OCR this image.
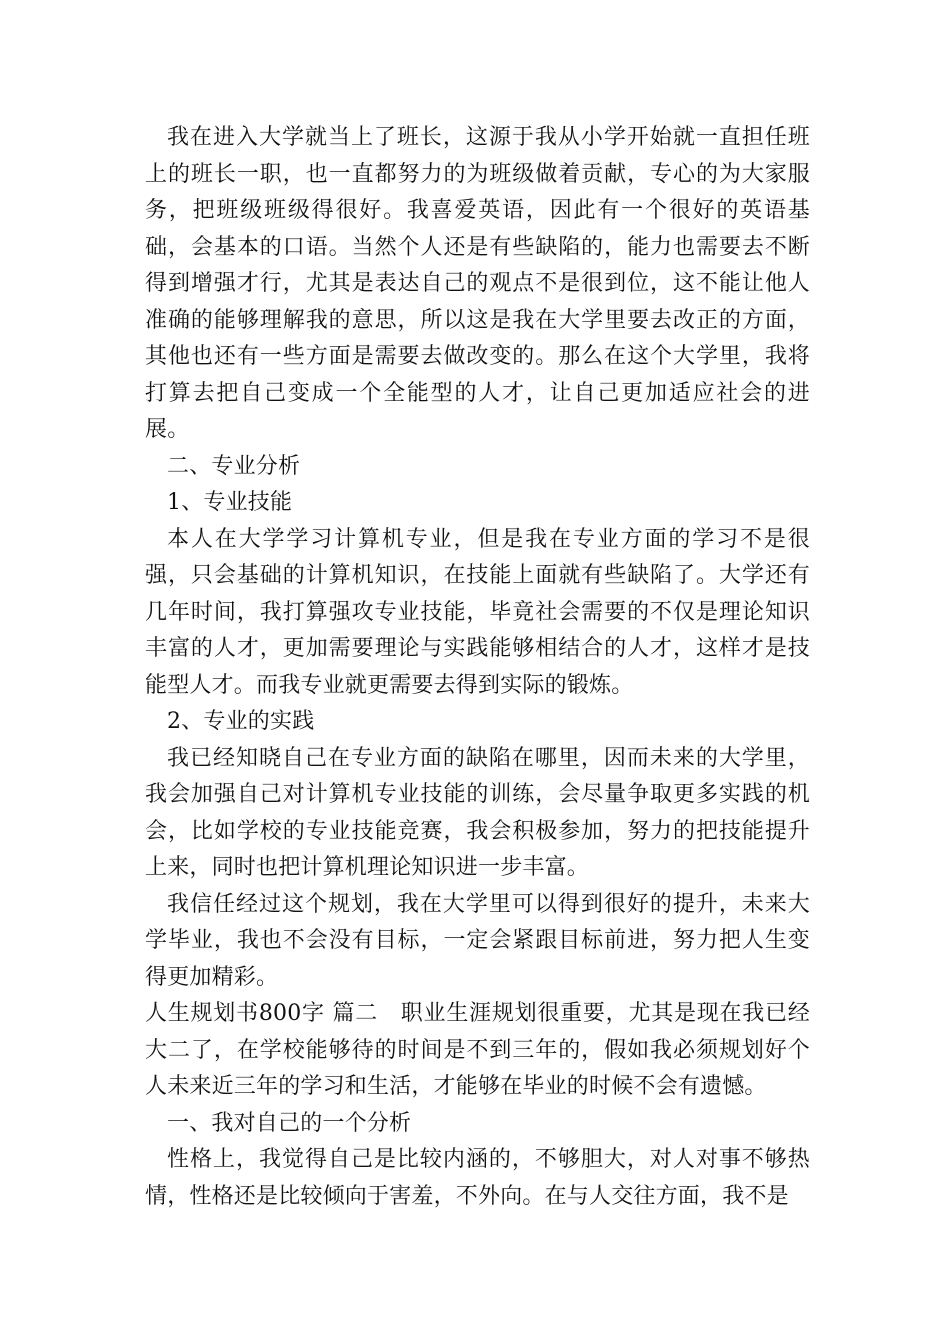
我在进入大学就当上了班长，这源于我从小学开始就一直担任班上的班长一职，也一直都努力的为班级做着贡献，专心的为大家服务，把班级班级得很好。我喜爱英语，因此有一个很好的英语基础，会基本的口语。当然个人还是有些缺陷的，能力也需要去不断得到增强才行，尤其是表达自己的观点不是很到位，这不能让他人准确的能够理解我的意思，所以这是我在大学里要去改正的方面，其他也还有一些方面是需要去做改变的。那么在这个大学里，我将打算去把自己变成一个全能型的人才，让自己更加适应社会的进展。

二、专业分析

1、专业技能

本人在大学学习计算机专业，但是我在专业方面的学习不是很强，只会基础的计算机知识，在技能上面就有些缺陷了。大学还有几年时间，我打算强攻专业技能，毕竟社会需要的不仅是理论知识丰富的人才，更加需要理论与实践能够相结合的人才，这样才是技能型人才。而我专业就更需要去得到实际的锻炼。

2、专业的实践

我已经知晓自己在专业方面的缺陷在哪里，因而未来的大学里，我会加强自己对计算机专业技能的训练，会尽量争取更多实践的机会，比如学校的专业技能竞赛，我会积极参加，努力的把技能提升上来，同时也把计算机理论知识进一步丰富。

我信任经过这个规划，我在大学里可以得到很好的提升，未来大学毕业，我也不会没有目标，一定会紧跟目标前进，努力把人生变得更加精彩。

人生规划书800字 篇二　职业生涯规划很重要，尤其是现在我已经大二了，在学校能够待的时间是不到三年的，假如我必须规划好个人未来近三年的学习和生活，才能够在毕业的时候不会有遗憾。

一、我对自己的一个分析

性格上，我觉得自己是比较内涵的，不够胆大，对人对事不够热情，性格还是比较倾向于害羞，不外向。在与人交往方面，我不是
